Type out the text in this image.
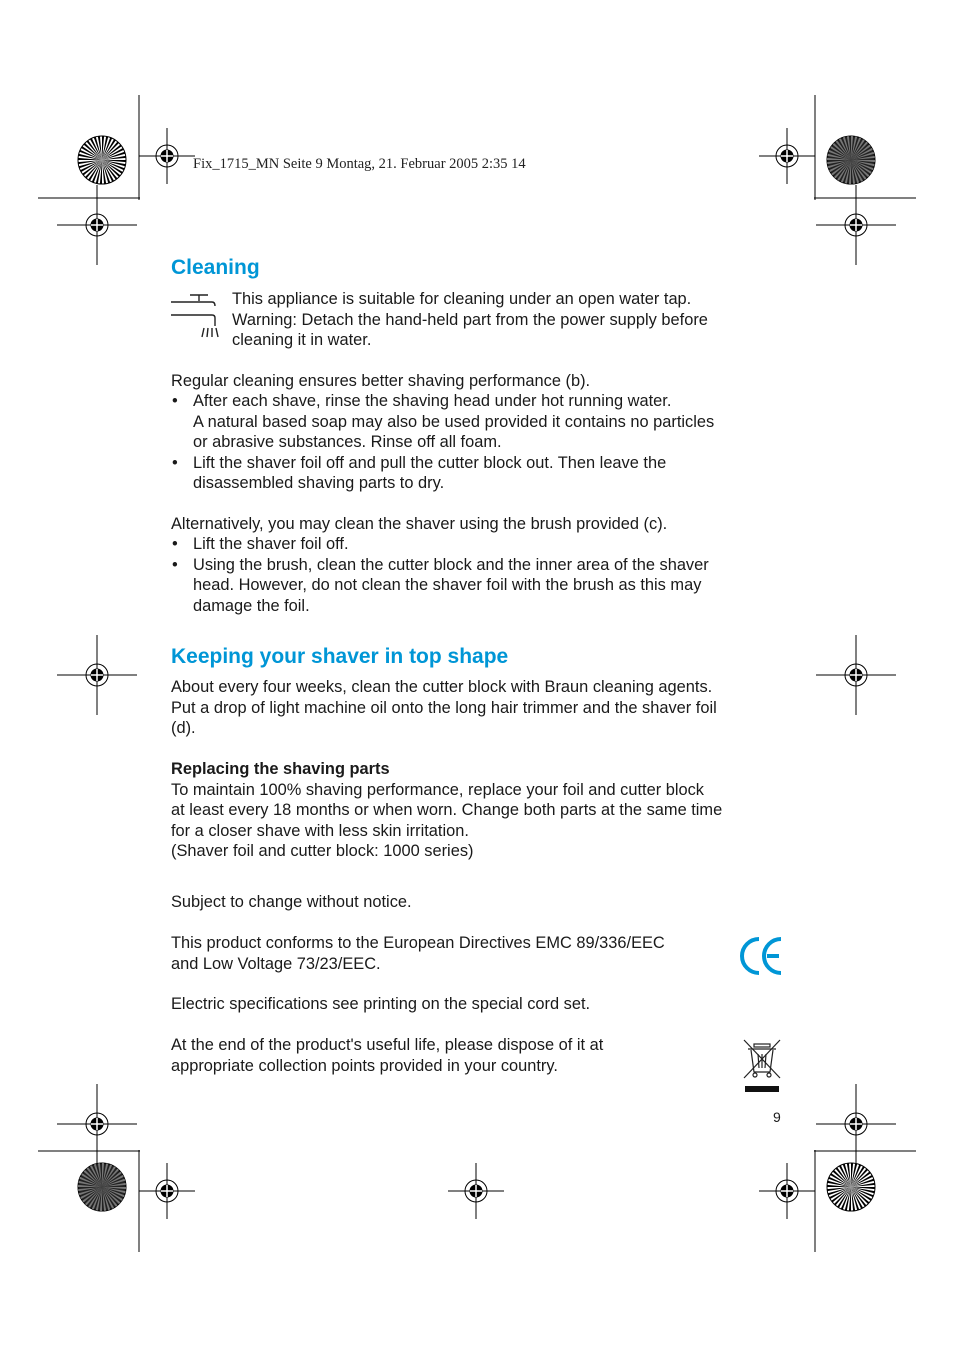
Fix_1715_MN Seite 9 Montag, 21. Februar 2005 2:35 14
Cleaning

This appliance is suitable for cleaning under an open water tap.
Warning: Detach the hand-held part from the power supply before
cleaning it in water.

Regular cleaning ensures better shaving performance (b).

• After each shave, rinse the shaving head under hot running water.
A natural based soap may also be used provided it contains no particles
or abrasive substances. Rinse off all foam.
• Lift the shaver foil off and pull the cutter block out. Then leave the
disassembled shaving parts to dry.

Alternatively, you may clean the shaver using the brush provided (c).

• Lift the shaver foil off.
• Using the brush, clean the cutter block and the inner area of the shaver
head. However, do not clean the shaver foil with the brush as this may
damage the foil.
Keeping your shaver in top shape

About every four weeks, clean the cutter block with Braun cleaning agents.
Put a drop of light machine oil onto the long hair trimmer and the shaver foil
(d).

Replacing the shaving parts
To maintain 100% shaving performance, replace your foil and cutter block
at least every 18 months or when worn. Change both parts at the same time
for a closer shave with less skin irritation.
(Shaver foil and cutter block: 1000 series)

Subject to change without notice.

This product conforms to the European Directives EMC 89/336/EEC
and Low Voltage 73/23/EEC.

Electric specifications see printing on the special cord set.

At the end of the product's useful life, please dispose of it at
appropriate collection points provided in your country.

9
